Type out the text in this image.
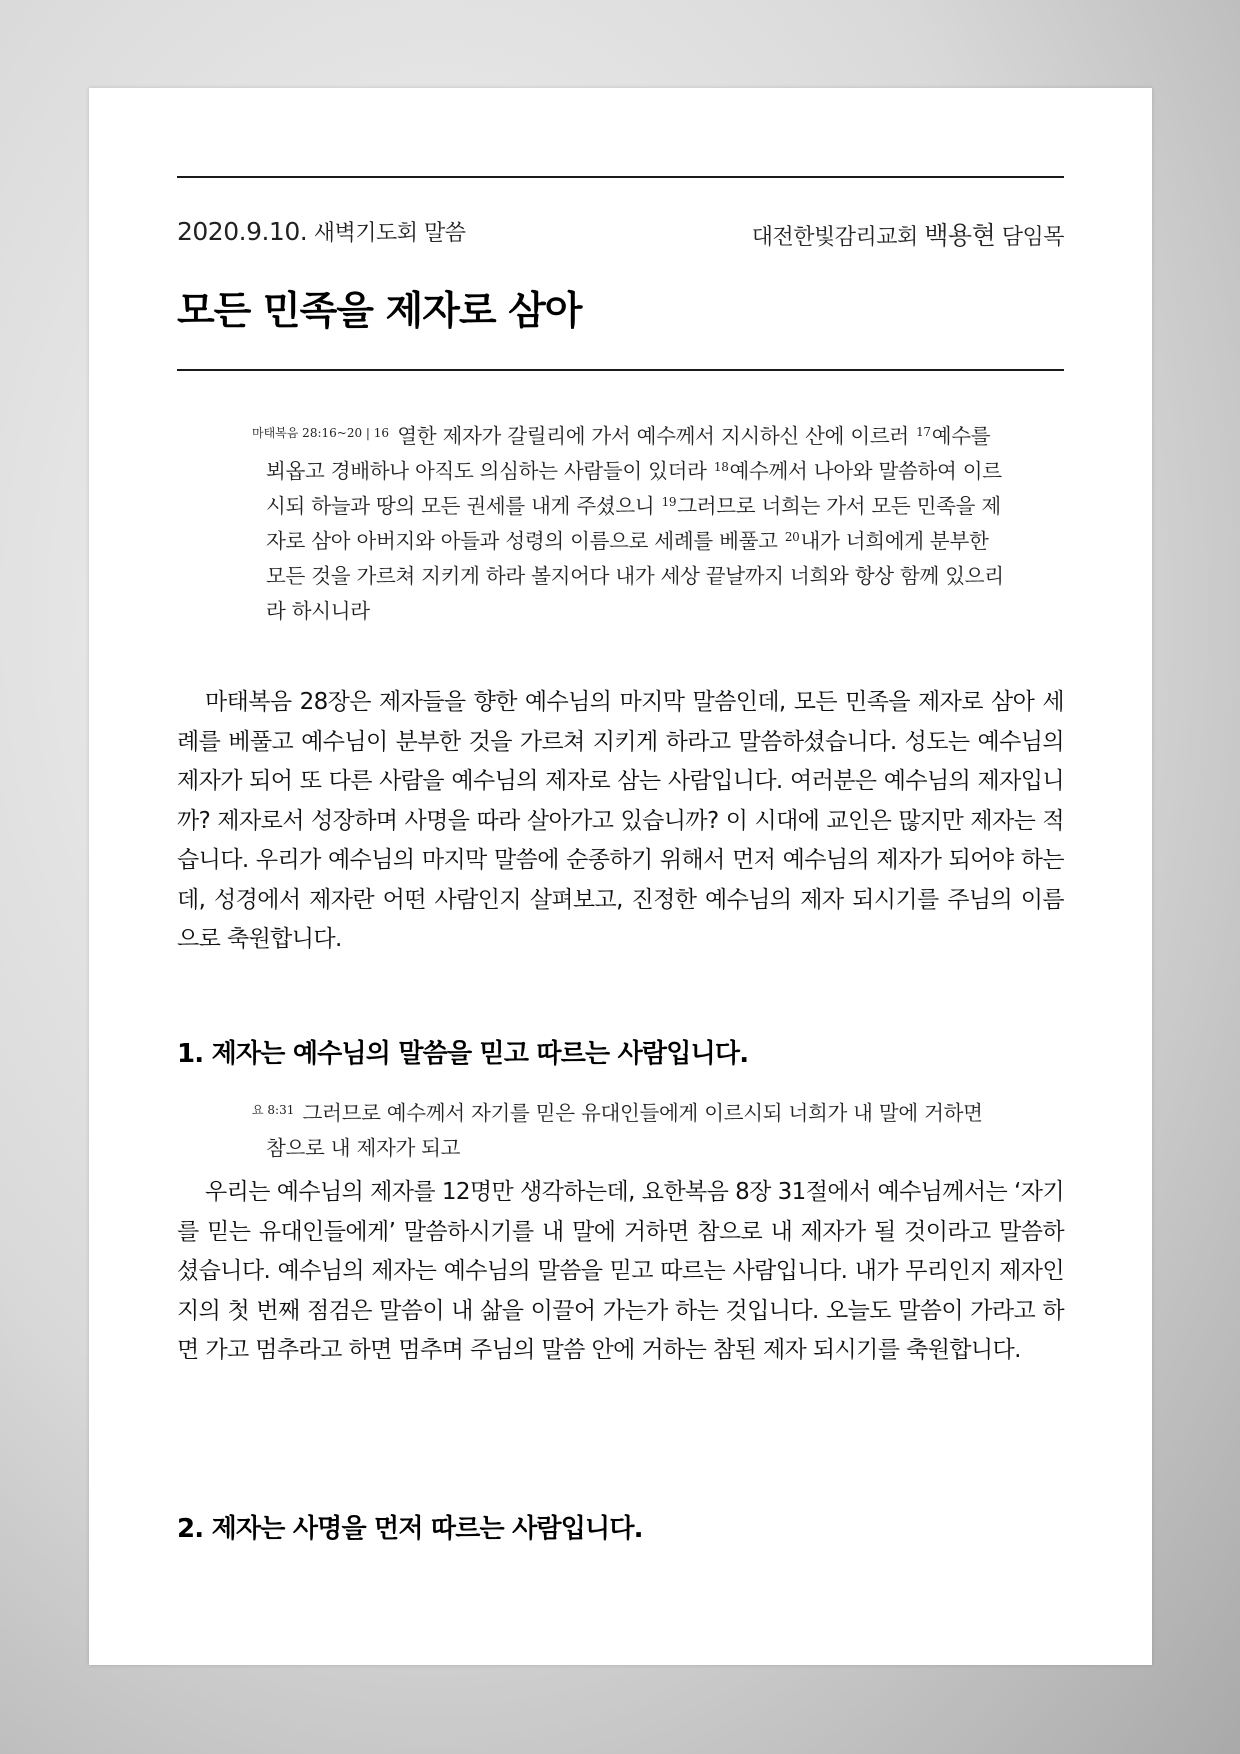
2020.9.10. 새벽기도회 말씀	대전한빛감리교회 백용현 담임목
모든 민족을 제자로 삼아
$^{마태복음 28:16\sim 20 | 16}$ 열한 제자가 갈릴리에 가서 예수께서 지시하신 산에 이르러 $^{17}$예수를 뵈옵고 경배하나 아직도 의심하는 사람들이 있더라 $^{18}$예수께서 나아와 말씀하여 이르시되 하늘과 땅의 모든 권세를 내게 주셨으니 $^{19}$그러므로 너희는 가서 모든 민족을 제자로 삼아 아버지와 아들과 성령의 이름으로 세례를 베풀고 $^{20}$내가 너희에게 분부한 모든 것을 가르쳐 지키게 하라 볼지어다 내가 세상 끝날까지 너희와 항상 함께 있으리라 하시니라
마태복음 28장은 제자들을 향한 예수님의 마지막 말씀인데, 모든 민족을 제자로 삼아 세례를 베풀고 예수님이 분부한 것을 가르쳐 지키게 하라고 말씀하셨습니다. 성도는 예수님의 제자가 되어 또 다른 사람을 예수님의 제자로 삼는 사람입니다. 여러분은 예수님의 제자입니까? 제자로서 성장하며 사명을 따라 살아가고 있습니까? 이 시대에 교인은 많지만 제자는 적습니다. 우리가 예수님의 마지막 말씀에 순종하기 위해서 먼저 예수님의 제자가 되어야 하는데, 성경에서 제자란 어떤 사람인지 살펴보고, 진정한 예수님의 제자 되시기를 주님의 이름으로 축원합니다.
1. 제자는 예수님의 말씀을 믿고 따르는 사람입니다.
$^{요 8:31}$ 그러므로 예수께서 자기를 믿은 유대인들에게 이르시되 너희가 내 말에 거하면 참으로 내 제자가 되고
우리는 예수님의 제자를 12명만 생각하는데, 요한복음 8장 31절에서 예수님께서는 ‘자기를 믿는 유대인들에게’ 말씀하시기를 내 말에 거하면 참으로 내 제자가 될 것이라고 말씀하셨습니다. 예수님의 제자는 예수님의 말씀을 믿고 따르는 사람입니다. 내가 무리인지 제자인지의 첫 번째 점검은 말씀이 내 삶을 이끌어 가는가 하는 것입니다. 오늘도 말씀이 가라고 하면 가고 멈추라고 하면 멈추며 주님의 말씀 안에 거하는 참된 제자 되시기를 축원합니다.
2. 제자는 사명을 먼저 따르는 사람입니다.
